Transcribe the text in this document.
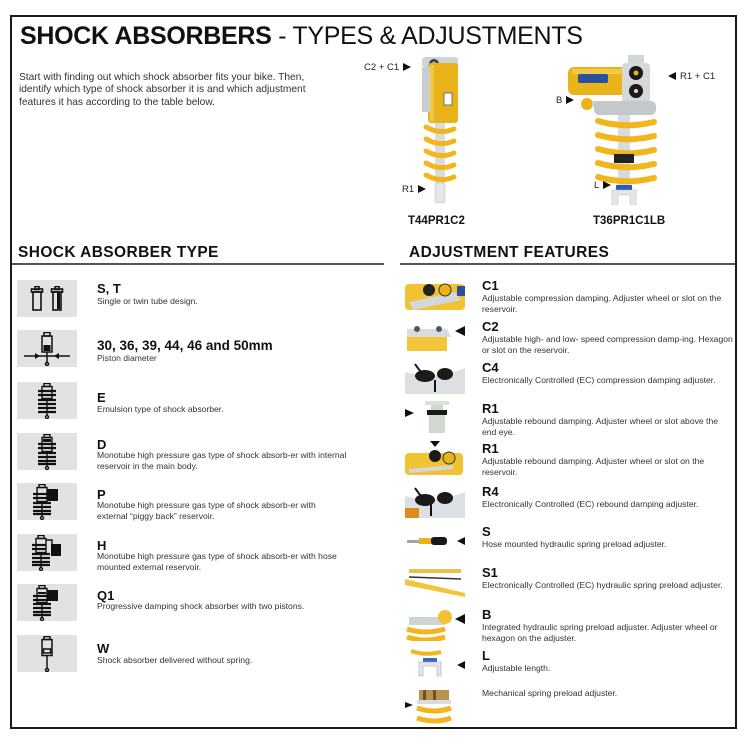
SHOCK ABSORBERS - TYPES & ADJUSTMENTS
Start with finding out which shock absorber fits your bike. Then, identify which type of shock absorber it is and which adjustment features it has according to the table below.
C2 + C1
R1
T44PR1C2
R1 + C1
B
L
T36PR1C1LB
SHOCK ABSORBER TYPE	ADJUSTMENT FEATURES
S, T
Single or twin tube design.
30, 36, 39, 44, 46 and 50mm
Piston diameter
E
Emulsion type of shock absorber.
D
Monotube high pressure gas type of shock absorb-er with internal reservoir in the main body.
P
Monotube high pressure gas type of shock absorb-er with external “piggy back” reservoir.
H
Monotube high pressure gas type of shock absorb-er with hose mounted external reservoir.
Q1
Progressive damping shock absorber with two pistons.
W
Shock absorber delivered without spring.
C1
Adjustable compression damping. Adjuster wheel or slot on the reservoir.
C2
Adjustable high- and low- speed compression damp-ing. Hexagon or slot on the reservoir.
C4
Electronically Controlled (EC) compression damping adjuster.
R1
Adjustable rebound damping. Adjuster wheel or slot above the end eye.
R1
Adjustable rebound damping. Adjuster wheel or slot on the reservoir.
R4
Electronically Controlled (EC) rebound damping adjuster.
S
Hose mounted hydraulic spring preload adjuster.
S1
Electronically Controlled (EC) hydraulic spring preload adjuster.
B
Integrated hydraulic spring preload adjuster. Adjuster wheel or hexagon on the adjuster.
L
Adjustable length.
Mechanical spring preload adjuster.
